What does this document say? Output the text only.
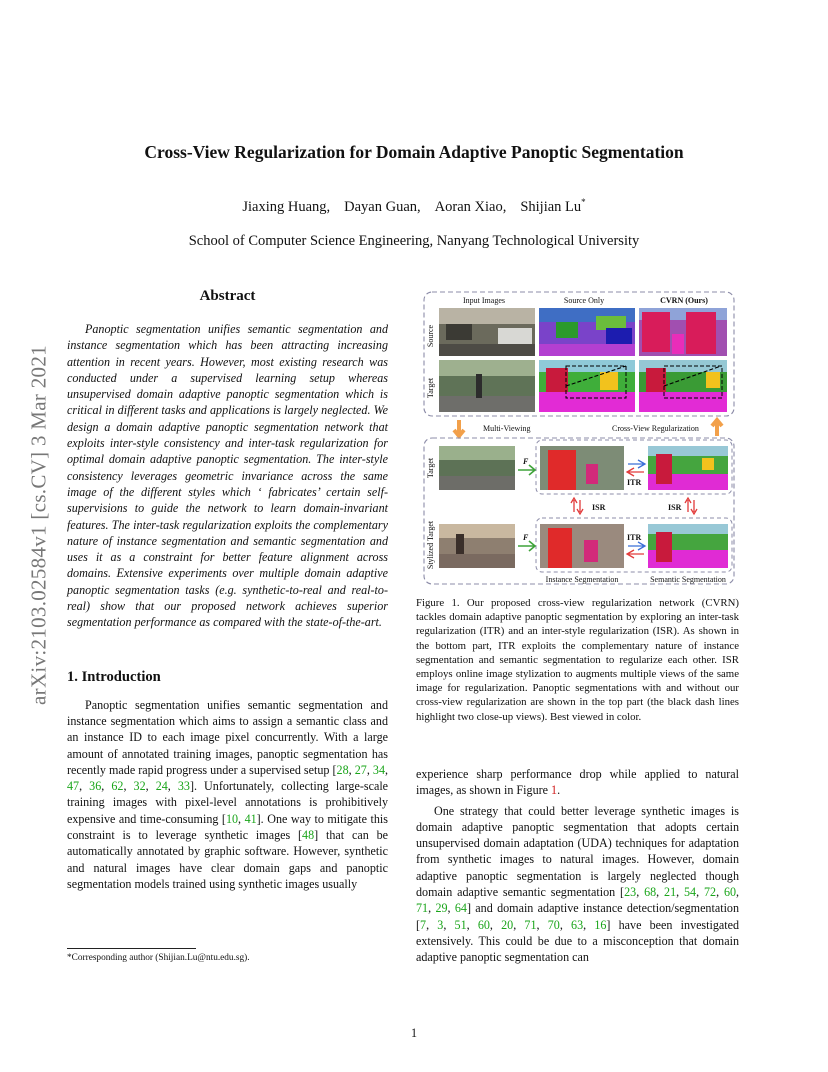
arXiv:2103.02584v1 [cs.CV] 3 Mar 2021
Cross-View Regularization for Domain Adaptive Panoptic Segmentation
Jiaxing Huang, Dayan Guan, Aoran Xiao, Shijian Lu*
School of Computer Science Engineering, Nanyang Technological University
Abstract

Panoptic segmentation unifies semantic segmentation and instance segmentation which has been attracting increasing attention in recent years. However, most existing research was conducted under a supervised learning setup whereas unsupervised domain adaptive panoptic segmentation which is critical in different tasks and applications is largely neglected. We design a domain adaptive panoptic segmentation network that exploits inter-style consistency and inter-task regularization for optimal domain adaptive panoptic segmentation. The inter-style consistency leverages geometric invariance across the same image of the different styles which ‘ fabricates’ certain self-supervisions to guide the network to learn domain-invariant features. The inter-task regularization exploits the complementary nature of instance segmentation and semantic segmentation and uses it as a constraint for better feature alignment across domains. Extensive experiments over multiple domain adaptive panoptic segmentation tasks (e.g. synthetic-to-real and real-to-real) show that our proposed network achieves superior segmentation performance as compared with the state-of-the-art.

1. Introduction

Panoptic segmentation unifies semantic segmentation and instance segmentation which aims to assign a semantic class and an instance ID to each image pixel concurrently. With a large amount of annotated training images, panoptic segmentation has recently made rapid progress under a supervised setup [28, 27, 34, 47, 36, 62, 32, 24, 33]. Unfortunately, collecting large-scale training images with pixel-level annotations is prohibitively expensive and time-consuming [10, 41]. One way to mitigate this constraint is to leverage synthetic images [48] that can be automatically annotated by graphic software. However, synthetic and natural images have clear domain gaps and panoptic segmentation models trained using synthetic images usually

Input Images	Source Only	CVRN (Ours)
Source
Target
Multi-Viewing	Cross-View Regularization
Target
Stylized Target
F
ITR
ISR	ISR
F	ITR
Instance Segmentation	Semantic Segmentation

Figure 1. Our proposed cross-view regularization network (CVRN) tackles domain adaptive panoptic segmentation by exploring an inter-task regularization (ITR) and an inter-style regularization (ISR). As shown in the bottom part, ITR exploits the complementary nature of instance segmentation and semantic segmentation to regularize each other. ISR employs online image stylization to augments multiple views of the same image for regularization. Panoptic segmentations with and without our cross-view regularization are shown in the top part (the black dash lines highlight two close-up views). Best viewed in color.

experience sharp performance drop while applied to natural images, as shown in Figure 1.

One strategy that could better leverage synthetic images is domain adaptive panoptic segmentation that adopts certain unsupervised domain adaptation (UDA) techniques for adaptation from synthetic images to natural images. However, domain adaptive panoptic segmentation is largely neglected though domain adaptive semantic segmentation [23, 68, 21, 54, 72, 60, 71, 29, 64] and domain adaptive instance detection/segmentation [7, 3, 51, 60, 20, 71, 70, 63, 16] have been investigated extensively. This could be due to a misconception that domain adaptive panoptic segmentation can

*Corresponding author (Shijian.Lu@ntu.edu.sg).
1
